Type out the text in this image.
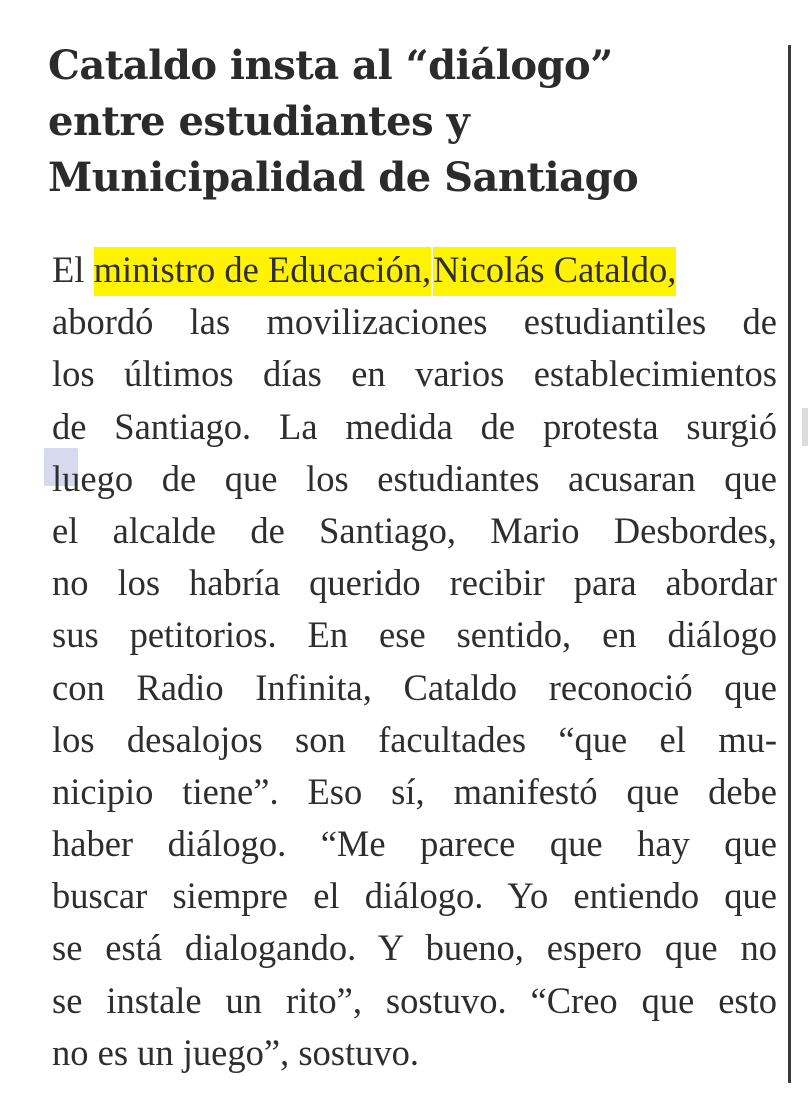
Cataldo insta al “diálogo”
entre estudiantes y
Municipalidad de Santiago
El ministro de Educación,Nicolás Cataldo,
abordó las movilizaciones estudiantiles de
los últimos días en varios establecimientos
de Santiago. La medida de protesta surgió
luego de que los estudiantes acusaran que
el alcalde de Santiago, Mario Desbordes,
no los habría querido recibir para abordar
sus petitorios. En ese sentido, en diálogo
con Radio Infinita, Cataldo reconoció que
los desalojos son facultades “que el mu-
nicipio tiene”. Eso sí, manifestó que debe
haber diálogo. “Me parece que hay que
buscar siempre el diálogo. Yo entiendo que
se está dialogando. Y bueno, espero que no
se instale un rito”, sostuvo. “Creo que esto
no es un juego”, sostuvo.
